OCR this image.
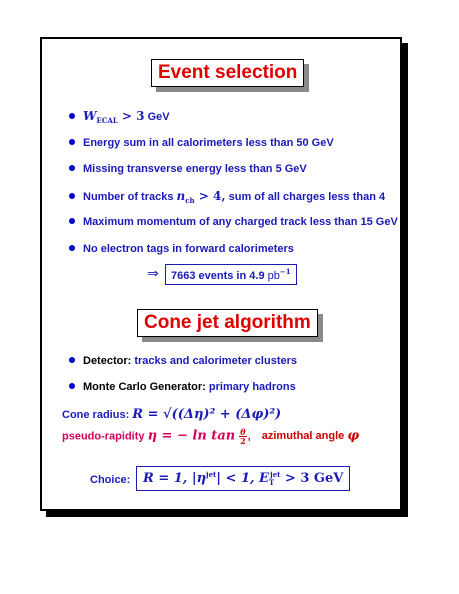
Event selection
$W_{ECAL} > 3$ GeV
Energy sum in all calorimeters less than 50 GeV
Missing transverse energy less than 5 GeV
Number of tracks $n_{ch} > 4$, sum of all charges less than 4
Maximum momentum of any charged track less than 15 GeV
No electron tags in forward calorimeters
⇒	7663 events in 4.9 $pb^{-1}$
Cone jet algorithm
Detector: tracks and calorimeter clusters
Monte Carlo Generator: primary hadrons
Cone radius: R = √((Δη)² + (Δφ)²)
pseudo-rapidity η = − $\ln \tan \frac{\theta}{2}$ , azimuthal angle φ
Choice: R = 1, $|\eta^{jet}| < 1$, $E_T^{jet} > 3$ GeV
